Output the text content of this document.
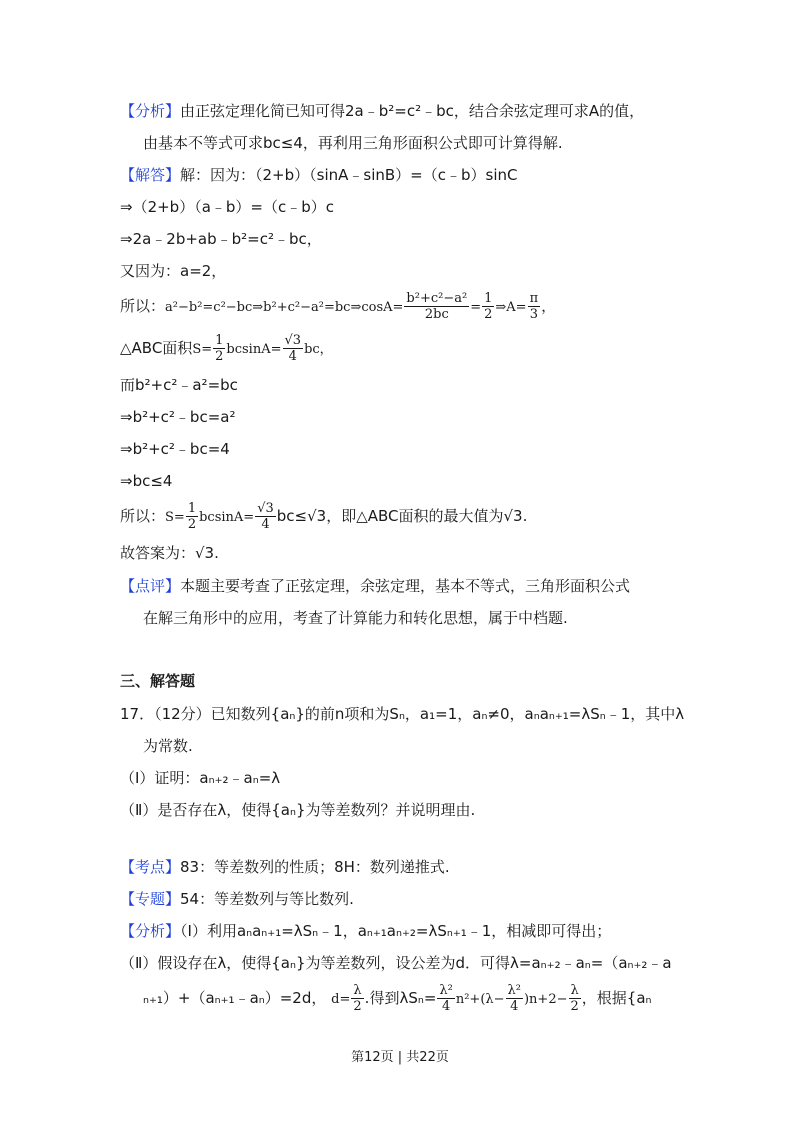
【分析】由正弦定理化简已知可得2a﹣b²=c²﹣bc，结合余弦定理可求A的值，
由基本不等式可求bc≤4，再利用三角形面积公式即可计算得解.
【解答】解：因为：（2+b）（sinA﹣sinB）=（c﹣b）sinC
⇒（2+b）（a﹣b）=（c﹣b）c
⇒2a﹣2b+ab﹣b²=c²﹣bc，
又因为：a=2，
所以：a²−b²=c²−bc⇒b²+c²−a²=bc⇒cosA= $\frac{\text{b²+c²−a²}}{2bc} = \frac{1}{2}$ ⇒A= $\frac{\pi}{3}$ ，
△ABC面积$S= \frac{1}{2} bcsinA= \frac{√3}{4}$ bc，
而b²+c²﹣a²=bc
⇒b²+c²﹣bc=a²
⇒b²+c²﹣bc=4
⇒bc≤4
所以：$S= \frac{1}{2} bcsinA= \frac{√3}{4} bc\le√3$，即△ABC面积的最大值为√3.
故答案为：√3.
【点评】本题主要考查了正弦定理，余弦定理，基本不等式，三角形面积公式
在解三角形中的应用，考查了计算能力和转化思想，属于中档题.
三、解答题
17．（12分）已知数列{aₙ}的前n项和为Sₙ，a₁=1，aₙ≠0，aₙaₙ₊₁=λSₙ﹣1，其中λ
为常数.
（Ⅰ）证明：aₙ₊₂﹣aₙ=λ
（Ⅱ）是否存在λ，使得{aₙ}为等差数列？并说明理由.
【考点】83：等差数列的性质；8H：数列递推式.
【专题】54：等差数列与等比数列.
【分析】（Ⅰ）利用aₙaₙ₊₁=λSₙ﹣1，aₙ₊₁aₙ₊₂=λSₙ₊₁﹣1，相减即可得出；
（Ⅱ）假设存在λ，使得{aₙ}为等差数列，设公差为d．可得λ=aₙ₊₂﹣aₙ=（aₙ₊₂﹣a
ₙ₊₁）+（aₙ₊₁﹣aₙ）=2d， $d= \frac{\lambda}{2}$ .得到$\lambda S_n= \frac{\text{λ²}}{4} n^2+(\lambda- \frac{\text{λ²}}{4} )n+2- \frac{\lambda}{2}$ ，根据{aₙ
第12页 | 共22页
